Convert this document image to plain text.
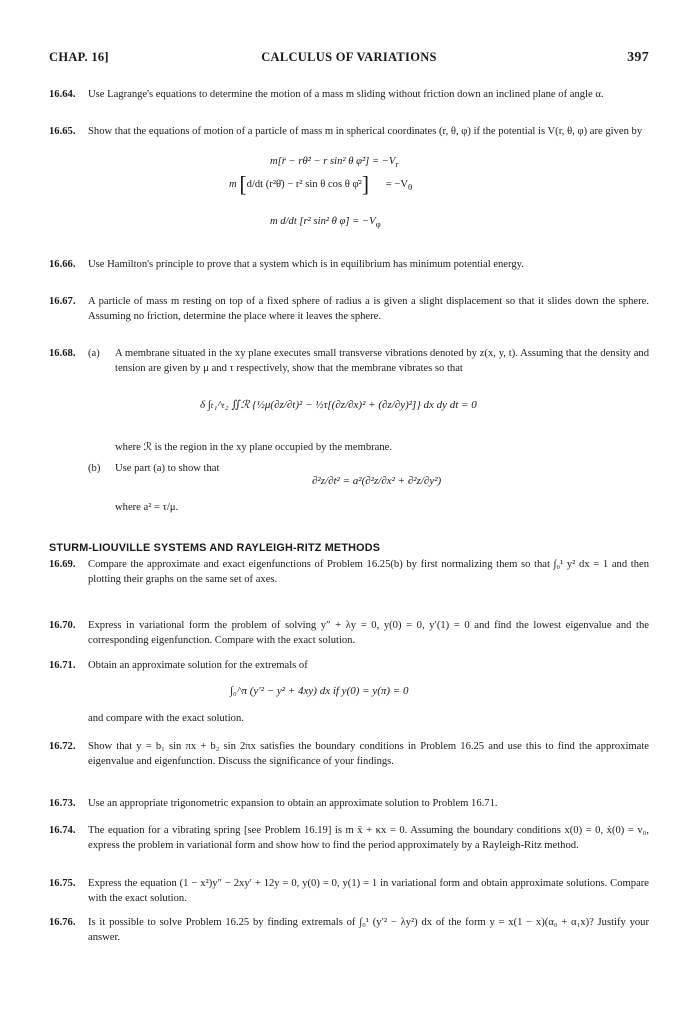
CHAP. 16]	CALCULUS OF VARIATIONS	397
16.64. Use Lagrange's equations to determine the motion of a mass m sliding without friction down an inclined plane of angle α.
16.65. Show that the equations of motion of a particle of mass m in spherical coordinates (r, θ, φ) if the potential is V(r, θ, φ) are given by
m[r̈ − rθ̇² − r sin² θ φ̇²] = $-V_r$
m [d/dt (r²θ̇) − r² sin θ cos θ φ̇²] = $-V_\theta$
m d/dt [r² sin² θ φ̇] = $-V_\varphi$
16.66. Use Hamilton's principle to prove that a system which is in equilibrium has minimum potential energy.
16.67. A particle of mass m resting on top of a fixed sphere of radius a is given a slight displacement so that it slides down the sphere. Assuming no friction, determine the place where it leaves the sphere.
16.68. (a) A membrane situated in the xy plane executes small transverse vibrations denoted by z(x, y, t). Assuming that the density and tension are given by μ and τ respectively, show that the membrane vibrates so that
δ ∫ₜ₁^ₜ₂ ∬ℛ {½μ(∂z/∂t)² − ½τ[(∂z/∂x)² + (∂z/∂y)²]} dx dy dt = 0
where ℛ is the region in the xy plane occupied by the membrane.
(b) Use part (a) to show that
∂²z/∂t² = a²(∂²z/∂x² + ∂²z/∂y²)
where a² = τ/μ.
STURM-LIOUVILLE SYSTEMS AND RAYLEIGH-RITZ METHODS
16.69. Compare the approximate and exact eigenfunctions of Problem 16.25(b) by first normalizing them so that ∫₀¹ y² dx = 1 and then plotting their graphs on the same set of axes.
16.70. Express in variational form the problem of solving y″ + λy = 0, y(0) = 0, y′(1) = 0 and find the lowest eigenvalue and the corresponding eigenfunction. Compare with the exact solution.
16.71. Obtain an approximate solution for the extremals of
∫₀^π (y′² − y² + 4xy) dx if y(0) = y(π) = 0
and compare with the exact solution.
16.72. Show that y = b₁ sin πx + b₂ sin 2πx satisfies the boundary conditions in Problem 16.25 and use this to find the approximate eigenvalue and eigenfunction. Discuss the significance of your findings.
16.73. Use an appropriate trigonometric expansion to obtain an approximate solution to Problem 16.71.
16.74. The equation for a vibrating spring [see Problem 16.19] is m ẍ + κx = 0. Assuming the boundary conditions x(0) = 0, ẋ(0) = v₀, express the problem in variational form and show how to find the period approximately by a Rayleigh-Ritz method.
16.75. Express the equation (1 − x²)y″ − 2xy′ + 12y = 0, y(0) = 0, y(1) = 1 in variational form and obtain approximate solutions. Compare with the exact solution.
16.76. Is it possible to solve Problem 16.25 by finding extremals of ∫₀¹ (y′² − λy²) dx of the form y = x(1 − x)(α₀ + α₁x)? Justify your answer.
